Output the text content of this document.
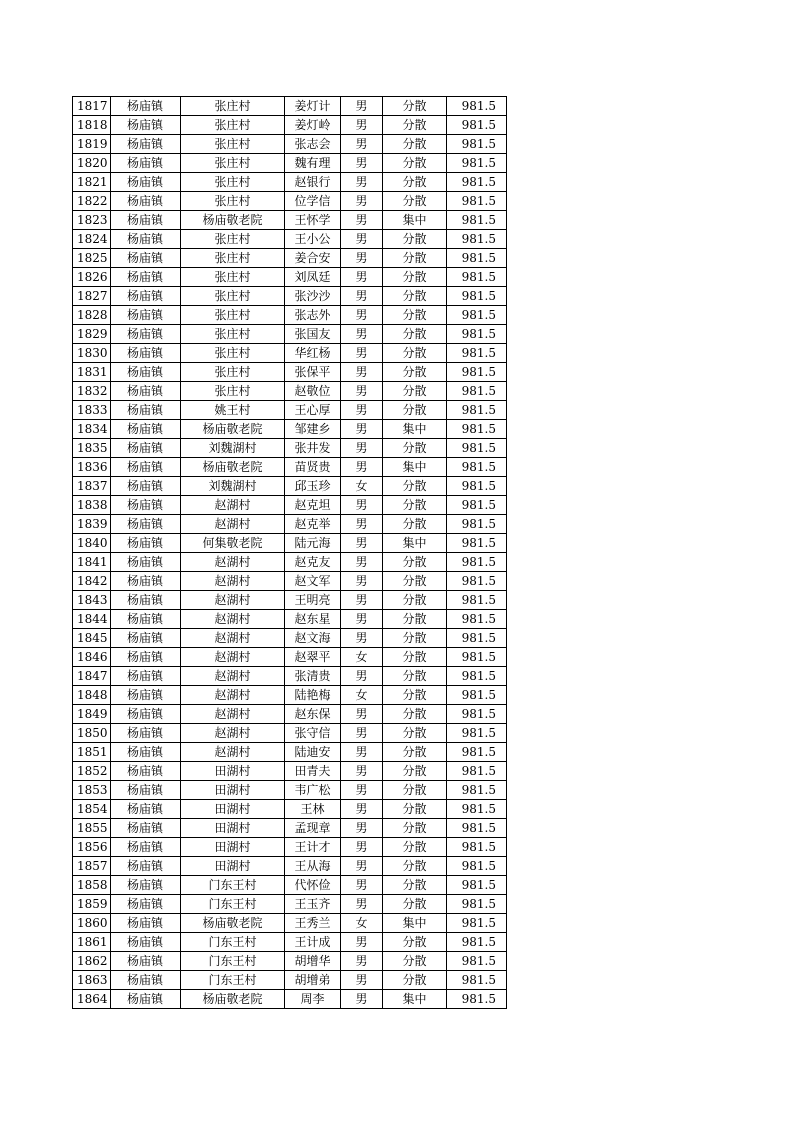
1817	杨庙镇	张庄村	姜灯计	男	分散	981.5
1818	杨庙镇	张庄村	姜灯岭	男	分散	981.5
1819	杨庙镇	张庄村	张志会	男	分散	981.5
1820	杨庙镇	张庄村	魏有理	男	分散	981.5
1821	杨庙镇	张庄村	赵银行	男	分散	981.5
1822	杨庙镇	张庄村	位学信	男	分散	981.5
1823	杨庙镇	杨庙敬老院	王怀学	男	集中	981.5
1824	杨庙镇	张庄村	王小公	男	分散	981.5
1825	杨庙镇	张庄村	姜合安	男	分散	981.5
1826	杨庙镇	张庄村	刘凤廷	男	分散	981.5
1827	杨庙镇	张庄村	张沙沙	男	分散	981.5
1828	杨庙镇	张庄村	张志外	男	分散	981.5
1829	杨庙镇	张庄村	张国友	男	分散	981.5
1830	杨庙镇	张庄村	华红杨	男	分散	981.5
1831	杨庙镇	张庄村	张保平	男	分散	981.5
1832	杨庙镇	张庄村	赵敬位	男	分散	981.5
1833	杨庙镇	姚王村	王心厚	男	分散	981.5
1834	杨庙镇	杨庙敬老院	邹建乡	男	集中	981.5
1835	杨庙镇	刘魏湖村	张井发	男	分散	981.5
1836	杨庙镇	杨庙敬老院	苗贤贵	男	集中	981.5
1837	杨庙镇	刘魏湖村	邱玉珍	女	分散	981.5
1838	杨庙镇	赵湖村	赵克坦	男	分散	981.5
1839	杨庙镇	赵湖村	赵克举	男	分散	981.5
1840	杨庙镇	何集敬老院	陆元海	男	集中	981.5
1841	杨庙镇	赵湖村	赵克友	男	分散	981.5
1842	杨庙镇	赵湖村	赵文军	男	分散	981.5
1843	杨庙镇	赵湖村	王明亮	男	分散	981.5
1844	杨庙镇	赵湖村	赵东星	男	分散	981.5
1845	杨庙镇	赵湖村	赵文海	男	分散	981.5
1846	杨庙镇	赵湖村	赵翠平	女	分散	981.5
1847	杨庙镇	赵湖村	张清贵	男	分散	981.5
1848	杨庙镇	赵湖村	陆艳梅	女	分散	981.5
1849	杨庙镇	赵湖村	赵东保	男	分散	981.5
1850	杨庙镇	赵湖村	张守信	男	分散	981.5
1851	杨庙镇	赵湖村	陆迪安	男	分散	981.5
1852	杨庙镇	田湖村	田青夫	男	分散	981.5
1853	杨庙镇	田湖村	韦广松	男	分散	981.5
1854	杨庙镇	田湖村	王林	男	分散	981.5
1855	杨庙镇	田湖村	孟现章	男	分散	981.5
1856	杨庙镇	田湖村	王计才	男	分散	981.5
1857	杨庙镇	田湖村	王从海	男	分散	981.5
1858	杨庙镇	门东王村	代怀俭	男	分散	981.5
1859	杨庙镇	门东王村	王玉齐	男	分散	981.5
1860	杨庙镇	杨庙敬老院	王秀兰	女	集中	981.5
1861	杨庙镇	门东王村	王计成	男	分散	981.5
1862	杨庙镇	门东王村	胡增华	男	分散	981.5
1863	杨庙镇	门东王村	胡增弟	男	分散	981.5
1864	杨庙镇	杨庙敬老院	周李	男	集中	981.5
